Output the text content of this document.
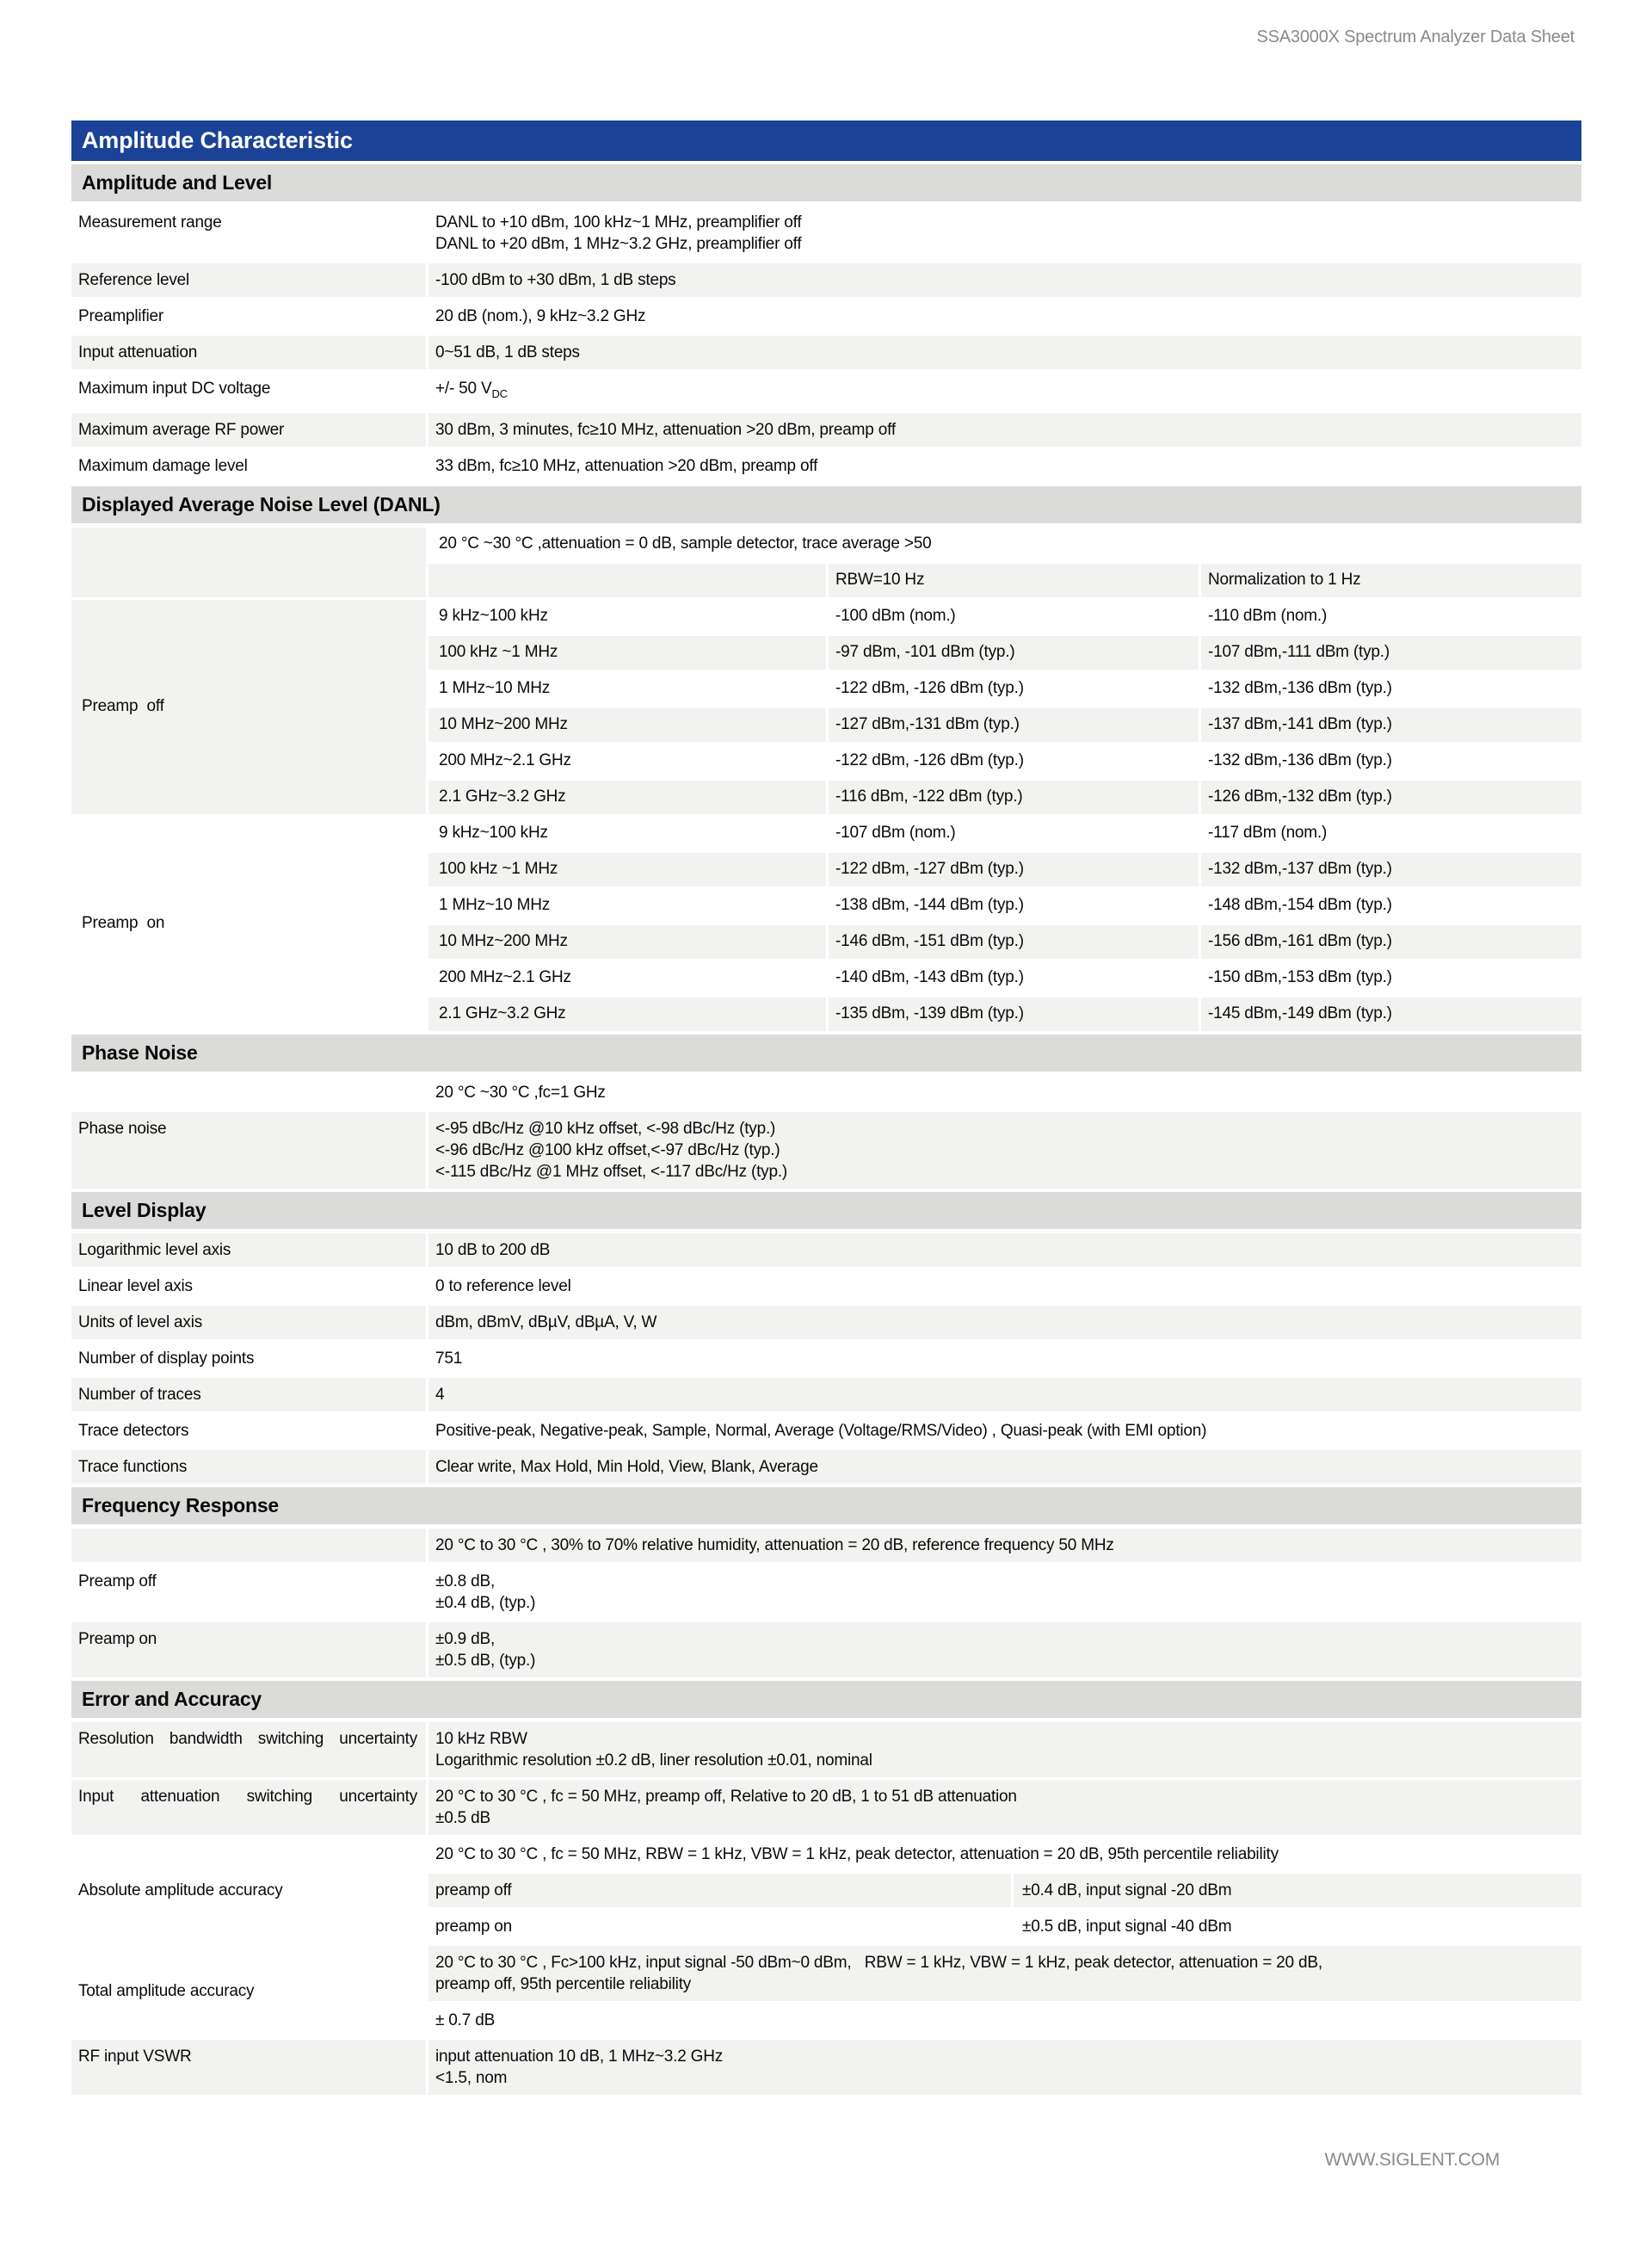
SSA3000X Spectrum Analyzer Data Sheet
Amplitude Characteristic
Amplitude and Level
Measurement range	DANL to +10 dBm, 100 kHz~1 MHz, preamplifier off
DANL to +20 dBm, 1 MHz~3.2 GHz, preamplifier off
Reference level	-100 dBm to +30 dBm, 1 dB steps
Preamplifier	20 dB (nom.), 9 kHz~3.2 GHz
Input attenuation	0~51 dB, 1 dB steps
Maximum input DC voltage	+/- 50 $V_{DC}$
Maximum average RF power	30 dBm, 3 minutes, fc≥10 MHz, attenuation >20 dBm, preamp off
Maximum damage level	33 dBm, fc≥10 MHz, attenuation >20 dBm, preamp off
Displayed Average Noise Level (DANL)
20 °C ~30 °C ,attenuation = 0 dB, sample detector, trace average >50
RBW=10 Hz	Normalization to 1 Hz
Preamp  off
9 kHz~100 kHz	-100 dBm (nom.)	-110 dBm (nom.)
100 kHz ~1 MHz	-97 dBm, -101 dBm (typ.)	-107 dBm,-111 dBm (typ.)
1 MHz~10 MHz	-122 dBm, -126 dBm (typ.)	-132 dBm,-136 dBm (typ.)
10 MHz~200 MHz	-127 dBm,-131 dBm (typ.)	-137 dBm,-141 dBm (typ.)
200 MHz~2.1 GHz	-122 dBm, -126 dBm (typ.)	-132 dBm,-136 dBm (typ.)
2.1 GHz~3.2 GHz	-116 dBm, -122 dBm (typ.)	-126 dBm,-132 dBm (typ.)
Preamp  on
9 kHz~100 kHz	-107 dBm (nom.)	-117 dBm (nom.)
100 kHz ~1 MHz	-122 dBm, -127 dBm (typ.)	-132 dBm,-137 dBm (typ.)
1 MHz~10 MHz	-138 dBm, -144 dBm (typ.)	-148 dBm,-154 dBm (typ.)
10 MHz~200 MHz	-146 dBm, -151 dBm (typ.)	-156 dBm,-161 dBm (typ.)
200 MHz~2.1 GHz	-140 dBm, -143 dBm (typ.)	-150 dBm,-153 dBm (typ.)
2.1 GHz~3.2 GHz	-135 dBm, -139 dBm (typ.)	-145 dBm,-149 dBm (typ.)
Phase Noise
20 °C ~30 °C ,fc=1 GHz
Phase noise	<-95 dBc/Hz @10 kHz offset, <-98 dBc/Hz (typ.)
<-96 dBc/Hz @100 kHz offset,<-97 dBc/Hz (typ.)
<-115 dBc/Hz @1 MHz offset, <-117 dBc/Hz (typ.)
Level Display
Logarithmic level axis	10 dB to 200 dB
Linear level axis	0 to reference level
Units of level axis	dBm, dBmV, dBµV, dBµA, V, W
Number of display points	751
Number of traces	4
Trace detectors	Positive-peak, Negative-peak, Sample, Normal, Average (Voltage/RMS/Video) , Quasi-peak (with EMI option)
Trace functions	Clear write, Max Hold, Min Hold, View, Blank, Average
Frequency Response
20 °C to 30 °C , 30% to 70% relative humidity, attenuation = 20 dB, reference frequency 50 MHz
Preamp off	±0.8 dB,
±0.4 dB, (typ.)
Preamp on	±0.9 dB,
±0.5 dB, (typ.)
Error and Accuracy
Resolution bandwidth switching uncertainty	10 kHz RBW
Logarithmic resolution ±0.2 dB, liner resolution ±0.01, nominal
Input attenuation switching uncertainty	20 °C to 30 °C , fc = 50 MHz, preamp off, Relative to 20 dB, 1 to 51 dB attenuation
±0.5 dB
Absolute amplitude accuracy
20 °C to 30 °C , fc = 50 MHz, RBW = 1 kHz, VBW = 1 kHz, peak detector, attenuation = 20 dB, 95th percentile reliability
preamp off	±0.4 dB, input signal -20 dBm
preamp on	±0.5 dB, input signal -40 dBm
Total amplitude accuracy
20 °C to 30 °C , Fc>100 kHz, input signal -50 dBm~0 dBm,   RBW = 1 kHz, VBW = 1 kHz, peak detector, attenuation = 20 dB,
preamp off, 95th percentile reliability
± 0.7 dB
RF input VSWR	input attenuation 10 dB, 1 MHz~3.2 GHz
<1.5, nom
WWW.SIGLENT.COM
